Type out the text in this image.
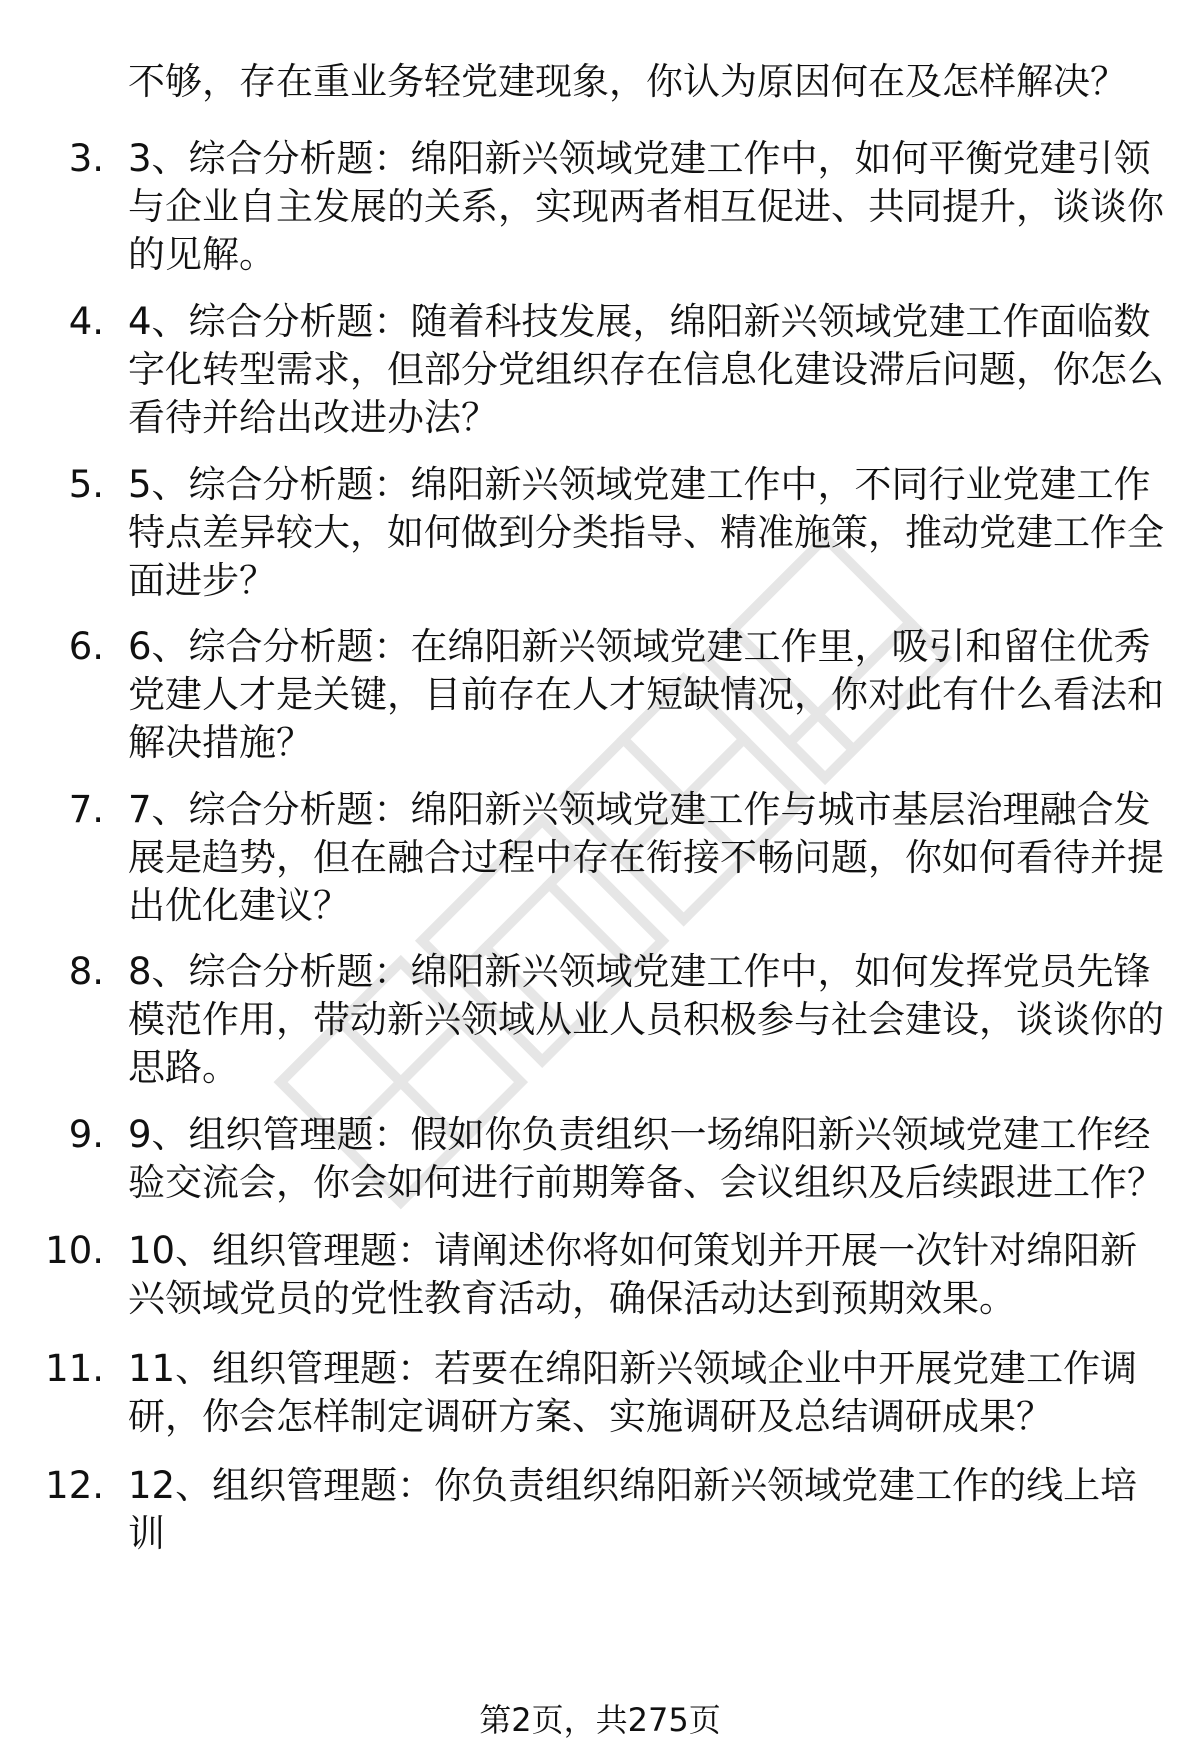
不够，存在重业务轻党建现象，你认为原因何在及怎样解决？

3. 3、综合分析题：绵阳新兴领域党建工作中，如何平衡党建引领与企业自主发展的关系，实现两者相互促进、共同提升，谈谈你的见解。

4. 4、综合分析题：随着科技发展，绵阳新兴领域党建工作面临数字化转型需求，但部分党组织存在信息化建设滞后问题，你怎么看待并给出改进办法？

5. 5、综合分析题：绵阳新兴领域党建工作中，不同行业党建工作特点差异较大，如何做到分类指导、精准施策，推动党建工作全面进步？

6. 6、综合分析题：在绵阳新兴领域党建工作里，吸引和留住优秀党建人才是关键，目前存在人才短缺情况，你对此有什么看法和解决措施？

7. 7、综合分析题：绵阳新兴领域党建工作与城市基层治理融合发展是趋势，但在融合过程中存在衔接不畅问题，你如何看待并提出优化建议？

8. 8、综合分析题：绵阳新兴领域党建工作中，如何发挥党员先锋模范作用，带动新兴领域从业人员积极参与社会建设，谈谈你的思路。

9. 9、组织管理题：假如你负责组织一场绵阳新兴领域党建工作经验交流会，你会如何进行前期筹备、会议组织及后续跟进工作？

10. 10、组织管理题：请阐述你将如何策划并开展一次针对绵阳新兴领域党员的党性教育活动，确保活动达到预期效果。

11. 11、组织管理题：若要在绵阳新兴领域企业中开展党建工作调研，你会怎样制定调研方案、实施调研及总结调研成果？

12. 12、组织管理题：你负责组织绵阳新兴领域党建工作的线上培训

第2页，共275页
